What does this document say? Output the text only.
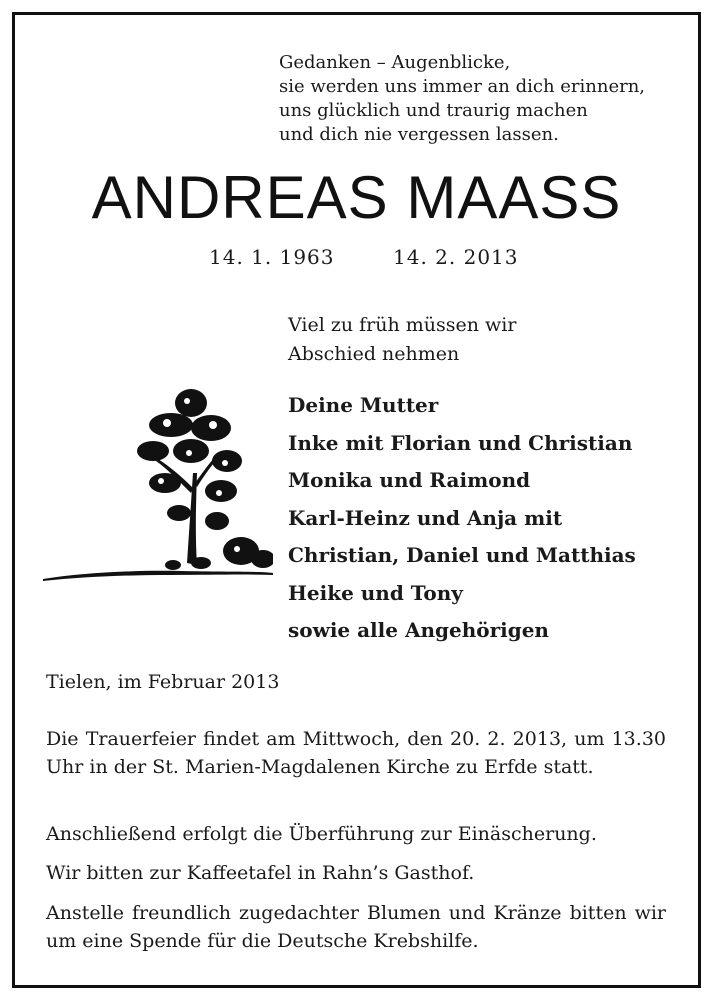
Gedanken – Augenblicke,
sie werden uns immer an dich erinnern,
uns glücklich und traurig machen
und dich nie vergessen lassen.
ANDREAS MAASS
14. 1. 1963	14. 2. 2013
Viel zu früh müssen wir
Abschied nehmen
Deine Mutter
Inke mit Florian und Christian
Monika und Raimond
Karl-Heinz und Anja mit
Christian, Daniel und Matthias
Heike und Tony
sowie alle Angehörigen
Tielen, im Februar 2013
Die Trauerfeier findet am Mittwoch, den 20. 2. 2013, um 13.30 Uhr in der St. Marien-Magdalenen Kirche zu Erfde statt.
Anschließend erfolgt die Überführung zur Einäscherung.
Wir bitten zur Kaffeetafel in Rahn’s Gasthof.
Anstelle freundlich zugedachter Blumen und Kränze bitten wir um eine Spende für die Deutsche Krebshilfe.
